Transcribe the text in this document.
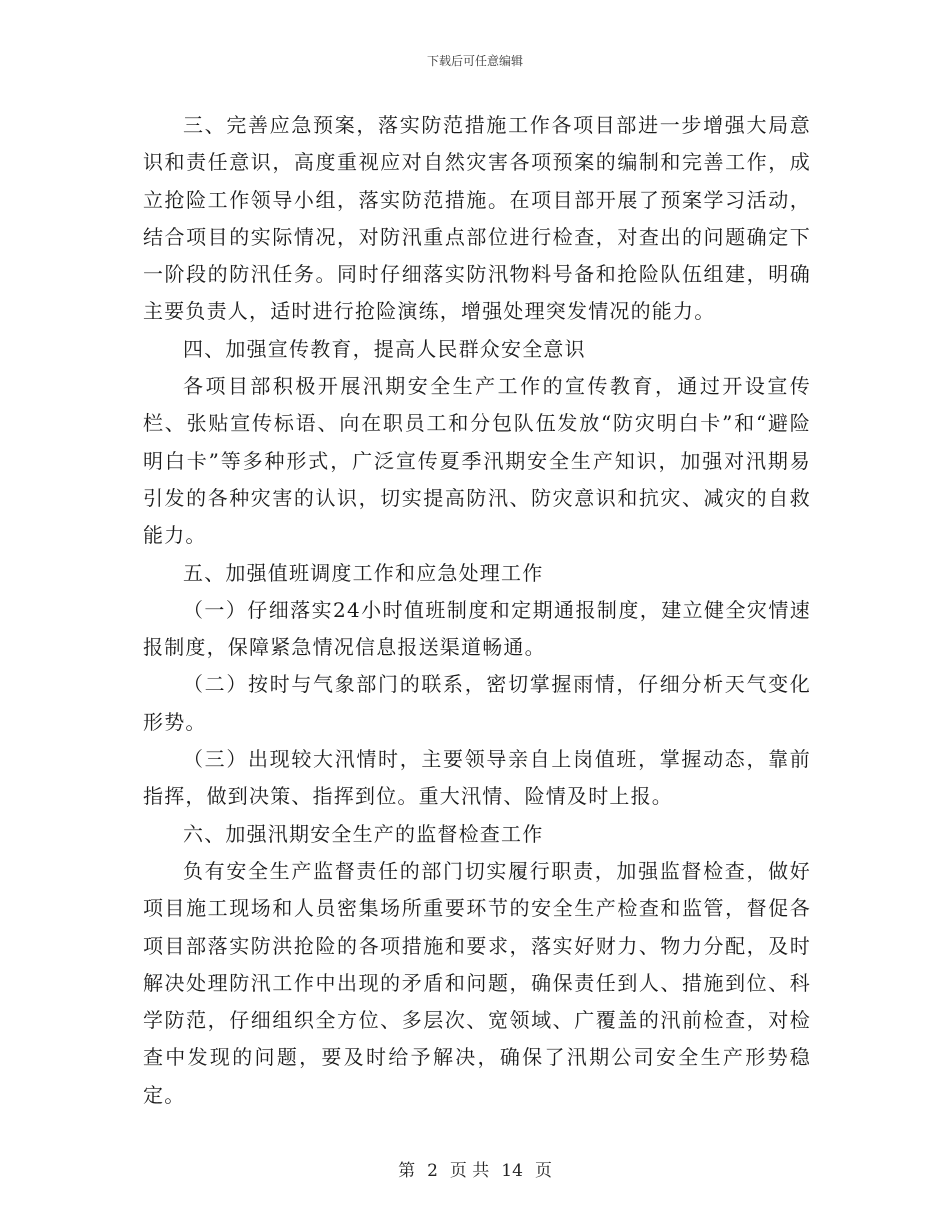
下载后可任意编辑

三、完善应急预案，落实防范措施工作各项目部进一步增强大局意识和责任意识，高度重视应对自然灾害各项预案的编制和完善工作，成立抢险工作领导小组，落实防范措施。在项目部开展了预案学习活动，结合项目的实际情况，对防汛重点部位进行检查，对查出的问题确定下一阶段的防汛任务。同时仔细落实防汛物料号备和抢险队伍组建，明确主要负责人，适时进行抢险演练，增强处理突发情况的能力。

四、加强宣传教育，提高人民群众安全意识

各项目部积极开展汛期安全生产工作的宣传教育，通过开设宣传栏、张贴宣传标语、向在职员工和分包队伍发放“防灾明白卡”和“避险明白卡”等多种形式，广泛宣传夏季汛期安全生产知识，加强对汛期易引发的各种灾害的认识，切实提高防汛、防灾意识和抗灾、减灾的自救能力。

五、加强值班调度工作和应急处理工作

（一）仔细落实24小时值班制度和定期通报制度，建立健全灾情速报制度，保障紧急情况信息报送渠道畅通。

（二）按时与气象部门的联系，密切掌握雨情，仔细分析天气变化形势。

（三）出现较大汛情时，主要领导亲自上岗值班，掌握动态，靠前指挥，做到决策、指挥到位。重大汛情、险情及时上报。

六、加强汛期安全生产的监督检查工作

负有安全生产监督责任的部门切实履行职责，加强监督检查，做好项目施工现场和人员密集场所重要环节的安全生产检查和监管，督促各项目部落实防洪抢险的各项措施和要求，落实好财力、物力分配，及时解决处理防汛工作中出现的矛盾和问题，确保责任到人、措施到位、科学防范，仔细组织全方位、多层次、宽领域、广覆盖的汛前检查，对检查中发现的问题，要及时给予解决，确保了汛期公司安全生产形势稳定。

第 2 页 共 14 页
